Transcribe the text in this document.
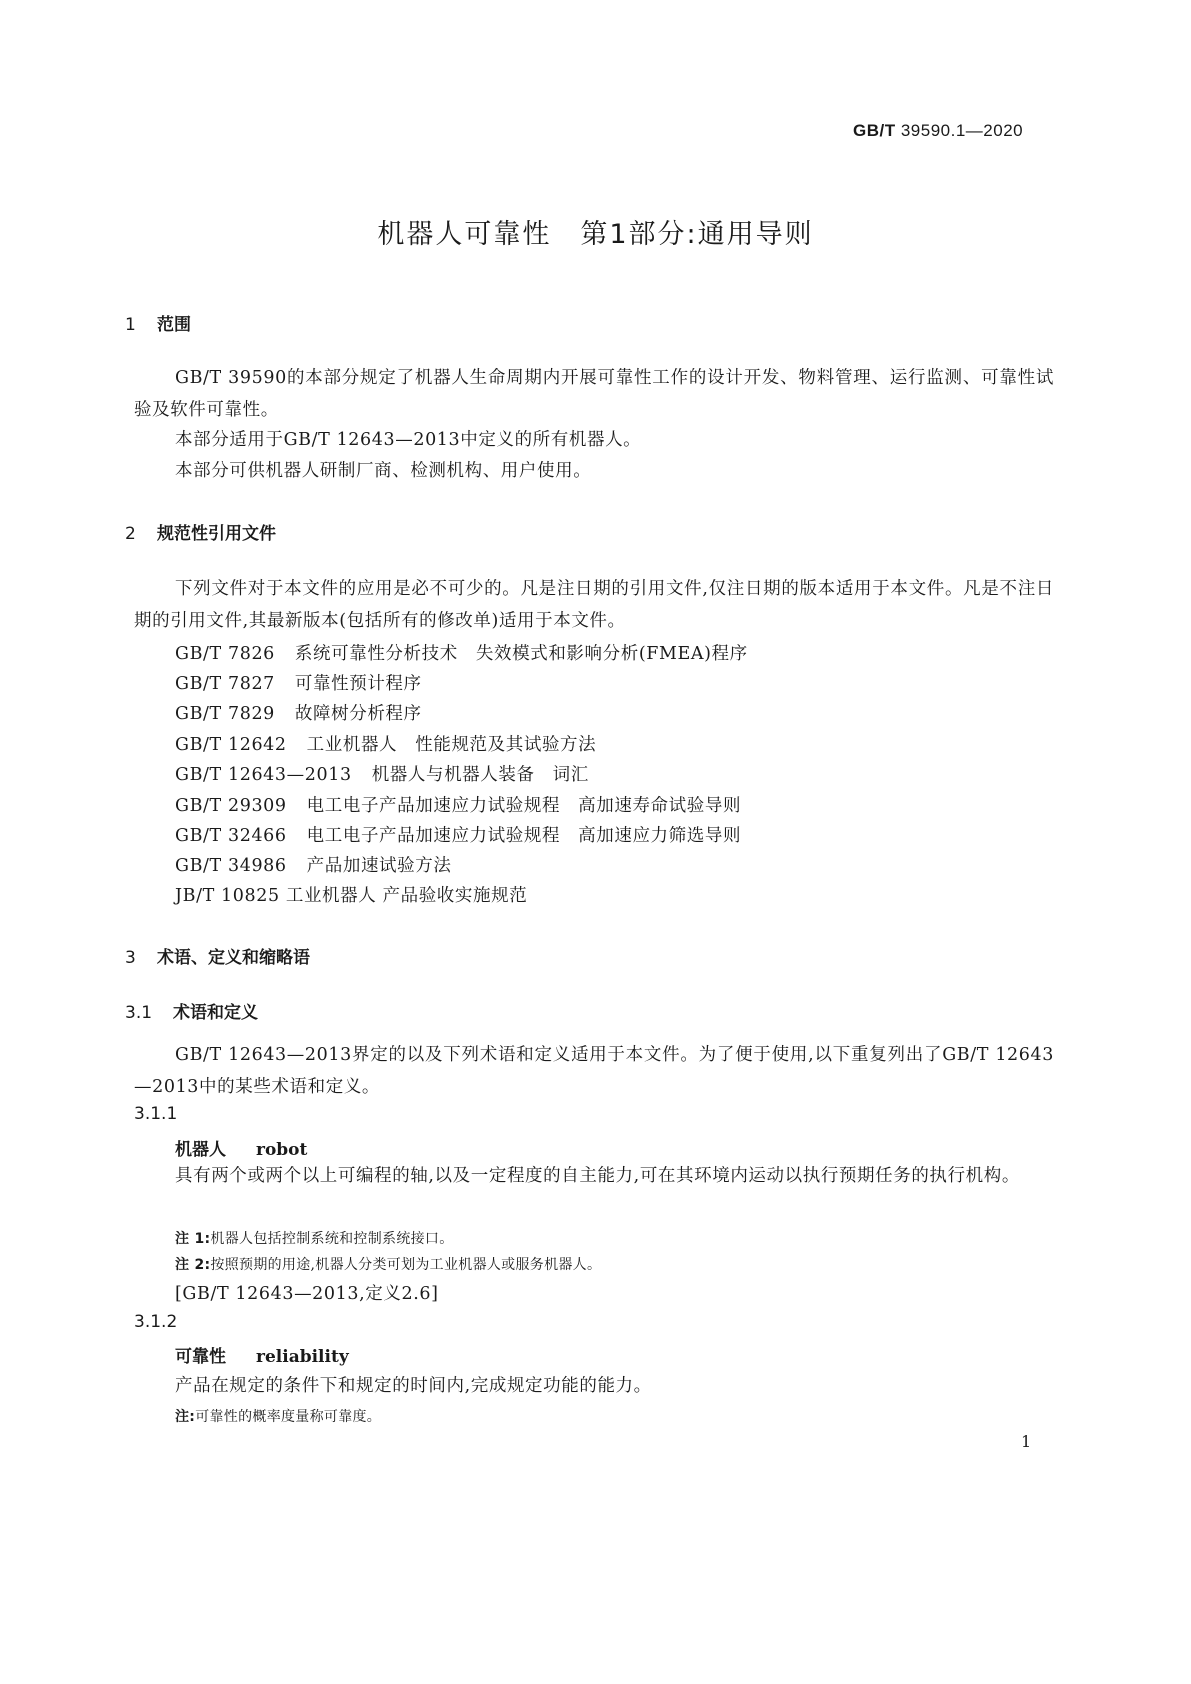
GB/T 39590.1—2020
机器人可靠性　第1部分:通用导则
1 范围
GB/T 39590的本部分规定了机器人生命周期内开展可靠性工作的设计开发、物料管理、运行监测、可靠性试验及软件可靠性。
本部分适用于GB/T 12643—2013中定义的所有机器人。
本部分可供机器人研制厂商、检测机构、用户使用。
2 规范性引用文件
下列文件对于本文件的应用是必不可少的。凡是注日期的引用文件,仅注日期的版本适用于本文件。凡是不注日期的引用文件,其最新版本(包括所有的修改单)适用于本文件。
GB/T 7826 系统可靠性分析技术　失效模式和影响分析(FMEA)程序
GB/T 7827 可靠性预计程序
GB/T 7829 故障树分析程序
GB/T 12642 工业机器人　性能规范及其试验方法
GB/T 12643—2013 机器人与机器人装备　词汇
GB/T 29309 电工电子产品加速应力试验规程　高加速寿命试验导则
GB/T 32466 电工电子产品加速应力试验规程　高加速应力筛选导则
GB/T 34986 产品加速试验方法
JB/T 10825 工业机器人 产品验收实施规范
3 术语、定义和缩略语
3.1 术语和定义
GB/T 12643—2013界定的以及下列术语和定义适用于本文件。为了便于使用,以下重复列出了GB/T 12643—2013中的某些术语和定义。
3.1.1
机器人 robot
具有两个或两个以上可编程的轴,以及一定程度的自主能力,可在其环境内运动以执行预期任务的执行机构。
注 1:机器人包括控制系统和控制系统接口。
注 2:按照预期的用途,机器人分类可划为工业机器人或服务机器人。
[GB/T 12643—2013,定义2.6]
3.1.2
可靠性 reliability
产品在规定的条件下和规定的时间内,完成规定功能的能力。
注:可靠性的概率度量称可靠度。
1
